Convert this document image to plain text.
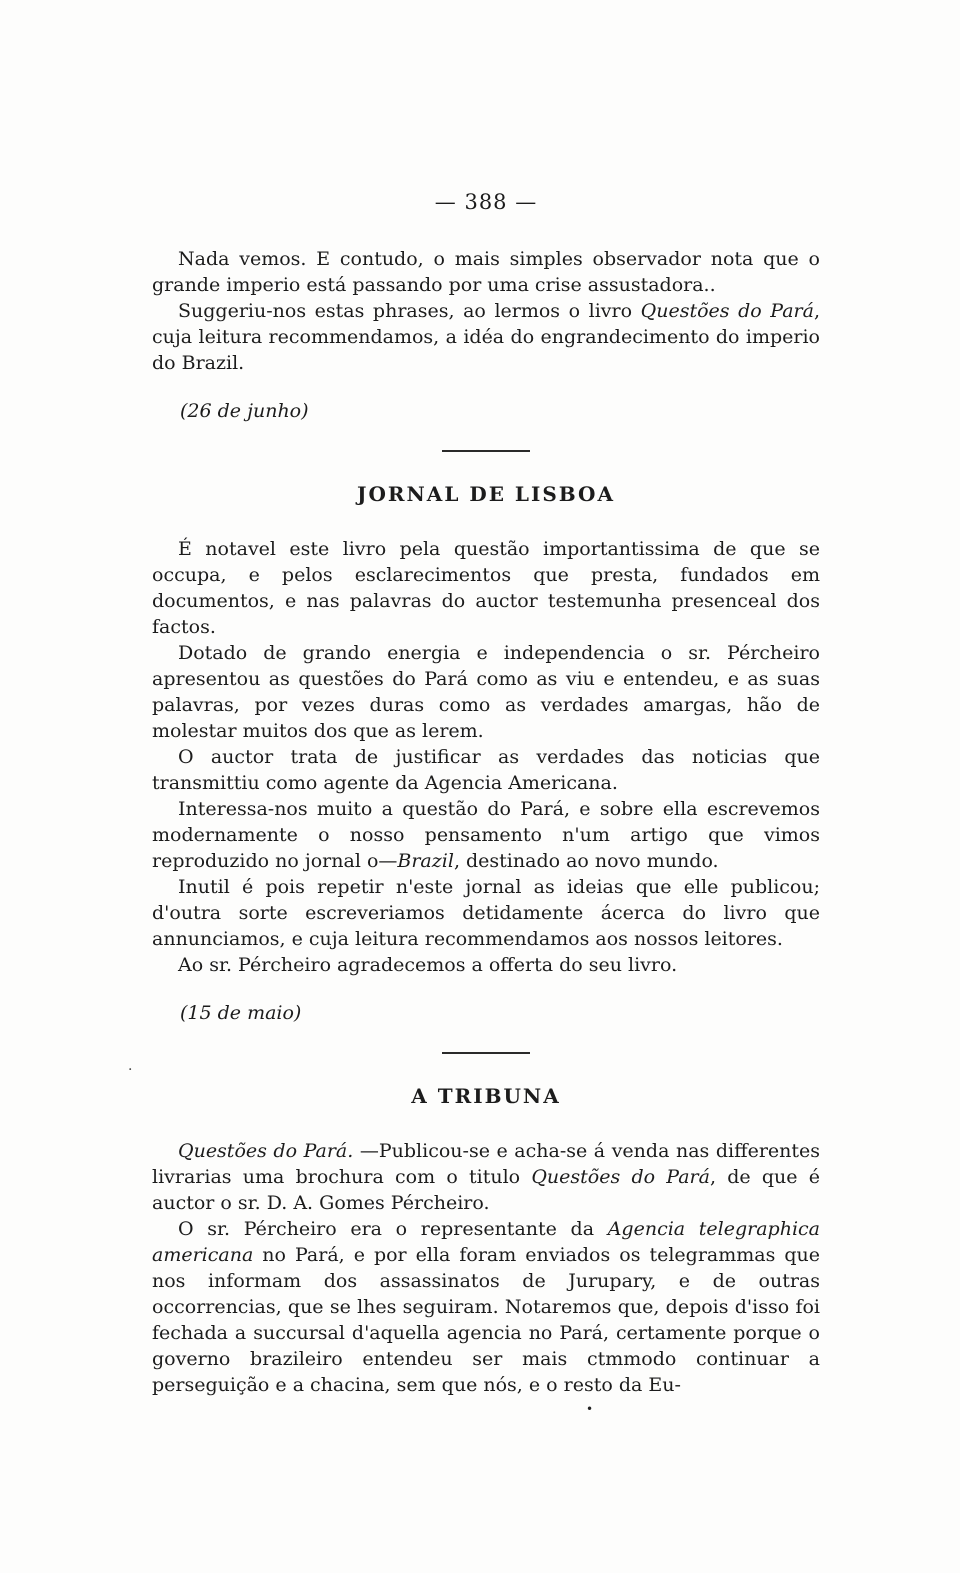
— 388 —
Nada vemos. E contudo, o mais simples observador nota que o grande imperio está passando por uma crise assustadora..
Suggeriu-nos estas phrases, ao lermos o livro Questões do Pará, cuja leitura recommendamos, a idéa do engrandecimento do imperio do Brazil.
(26 de junho)
JORNAL DE LISBOA
É notavel este livro pela questão importantissima de que se occupa, e pelos esclarecimentos que presta, fundados em documentos, e nas palavras do auctor testemunha presenceal dos factos.
Dotado de grando energia e independencia o sr. Pércheiro apresentou as questões do Pará como as viu e entendeu, e as suas palavras, por vezes duras como as verdades amargas, hão de molestar muitos dos que as lerem.
O auctor trata de justificar as verdades das noticias que transmittiu como agente da Agencia Americana.
Interessa-nos muito a questão do Pará, e sobre ella escrevemos modernamente o nosso pensamento n'um artigo que vimos reproduzido no jornal o—Brazil, destinado ao novo mundo.
Inutil é pois repetir n'este jornal as ideias que elle publicou; d'outra sorte escreveriamos detidamente ácerca do livro que annunciamos, e cuja leitura recommendamos aos nossos leitores.
Ao sr. Pércheiro agradecemos a offerta do seu livro.
(15 de maio)
A TRIBUNA
Questões do Pará. —Publicou-se e acha-se á venda nas differentes livrarias uma brochura com o titulo Questões do Pará, de que é auctor o sr. D. A. Gomes Pércheiro.
O sr. Pércheiro era o representante da Agencia telegraphica americana no Pará, e por ella foram enviados os telegrammas que nos informam dos assassinatos de Jurupary, e de outras occorrencias, que se lhes seguiram. Notaremos que, depois d'isso foi fechada a succursal d'aquella agencia no Pará, certamente porque o governo brazileiro entendeu ser mais ctmmodo continuar a perseguição e a chacina, sem que nós, e o resto da Eu-
·
•
